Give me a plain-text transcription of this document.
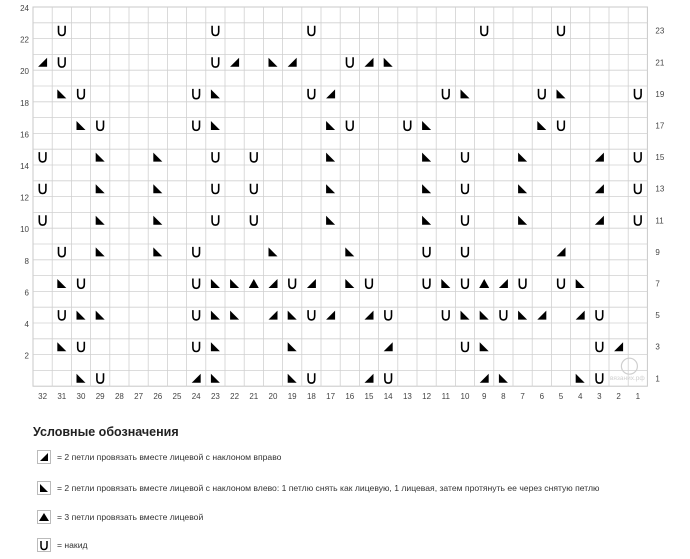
2
4
6
8
10
12
14
16
18
20
22
24
1
3
5
7
9
11
13
15
17
19
21
23
32 31 30 29 28 27 26 25 24 23 22 21 20 19 18 17 16 15 14 13 12 11 10 9 8 7 6 5 4 3 2 1
вязаниx.рф
Условные обозначения
= 2 петли провязать вместе лицевой с наклоном вправо
= 2 петли провязать вместе лицевой с наклоном влево: 1 петлю снять как лицевую, 1 лицевая, затем протянуть ее через снятую петлю
= 3 петли провязать вместе лицевой
= накид
